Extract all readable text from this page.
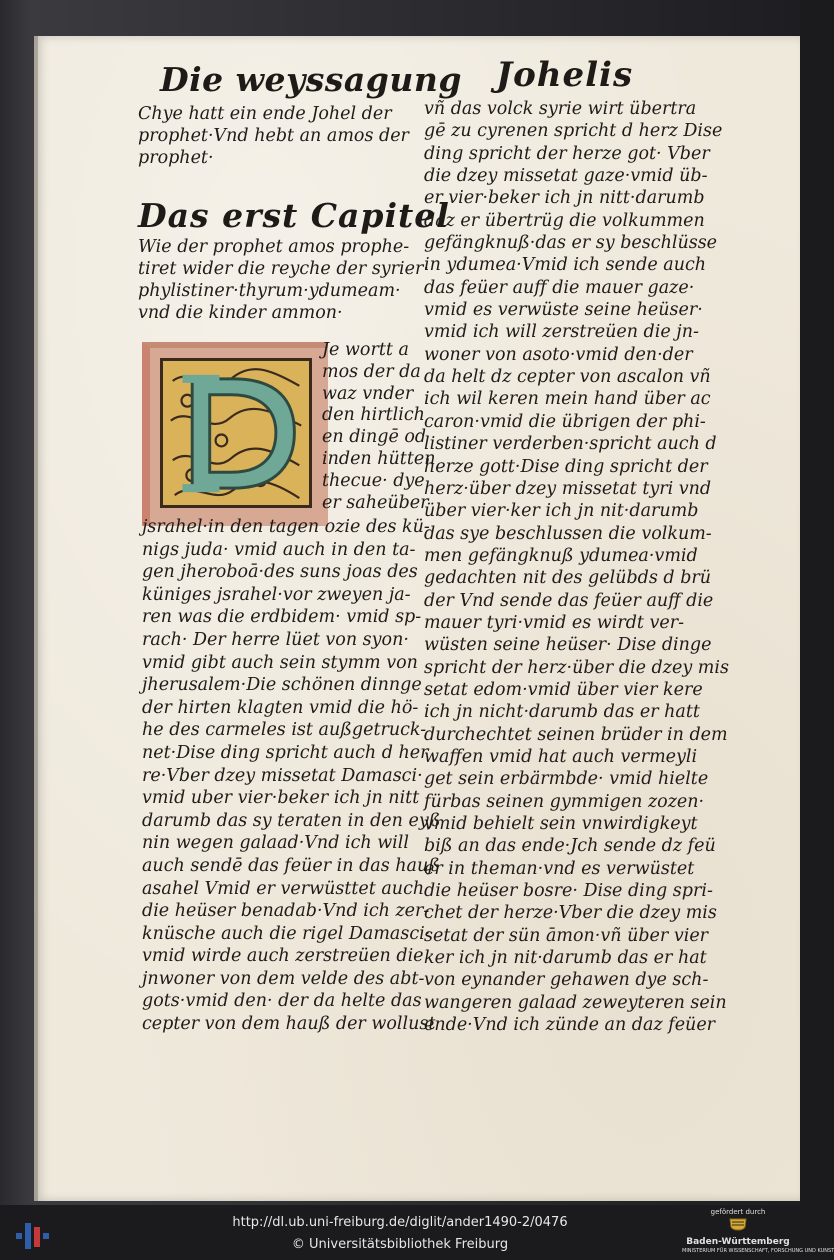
Die weyssagung Johelis

Chye hatt ein ende Johel der

prophet·Vnd hebt an amos der

prophet·

Das erst Capitel

Wie der prophet amos prophe-

tiret wider die reyche der syrier·

phylistiner·thyrum·ydumeam·

vnd die kinder ammon·

Je wortt a

mos der da

waz vnder

den hirtlich

en dingē od

inden hütten

thecue· dye

er saheüber

jsrahel·in den tagen ozie des kü-

nigs juda· vmid auch in den ta-

gen jheroboā·des suns joas des

küniges jsrahel·vor zweyen ja-

ren was die erdbidem· vmid sp-

rach· Der herre lüet von syon·

vmid gibt auch sein stymm von

jherusalem·Die schönen dinnge

der hirten klagten vmid die hö-

he des carmeles ist außgetruck-

net·Dise ding spricht auch d her

re·Vber dzey missetat Damasci·

vmid uber vier·beker ich jn nitt

darumb das sy teraten in den eyß

nin wegen galaad·Vnd ich will

auch sendē das feüer in das hauß

asahel Vmid er verwüsttet auch

die heüser benadab·Vnd ich zer-

knüsche auch die rigel Damasci·

vmid wirde auch zerstreüen die

jnwoner von dem velde des abt-

gots·vmid den· der da helte das

cepter von dem hauß der wollust

vñ das volck syrie wirt übertra

gē zu cyrenen spricht d herz Dise

ding spricht der herze got· Vber

die dzey missetat gaze·vmid üb-

er vier·beker ich jn nitt·darumb

daz er übertrüg die volkummen

gefängknuß·das er sy beschlüsse

in ydumea·Vmid ich sende auch

das feüer auff die mauer gaze·

vmid es verwüste seine heüser·

vmid ich will zerstreüen die jn-

woner von asoto·vmid den·der

da helt dz cepter von ascalon vñ

ich wil keren mein hand über ac

caron·vmid die übrigen der phi-

listiner verderben·spricht auch d

herze gott·Dise ding spricht der

herz·über dzey missetat tyri vnd

über vier·ker ich jn nit·darumb

das sye beschlussen die volkum-

men gefängknuß ydumea·vmid

gedachten nit des gelübds d brü

der Vnd sende das feüer auff die

mauer tyri·vmid es wirdt ver-

wüsten seine heüser· Dise dinge

spricht der herz·über die dzey mis

setat edom·vmid über vier kere

ich jn nicht·darumb das er hatt

durchechtet seinen brüder in dem

waffen vmid hat auch vermeyli

get sein erbärmbde· vmid hielte

fürbas seinen gymmigen zozen·

vmid behielt sein vnwirdigkeyt

biß an das ende·Jch sende dz feü

er in theman·vnd es verwüstet

die heüser bosre· Dise ding spri-

chet der herze·Vber die dzey mis

setat der sün āmon·vñ über vier

ker ich jn nit·darumb das er hat

von eynander gehawen dye sch-

wangeren galaad zeweyteren sein

ende·Vnd ich zünde an daz feüer

http://dl.ub.uni-freiburg.de/diglit/ander1490-2/0476
© Universitätsbibliothek Freiburg
gefördert durch
Baden-Württemberg
MINISTERIUM FÜR WISSENSCHAFT, FORSCHUNG UND KUNST
